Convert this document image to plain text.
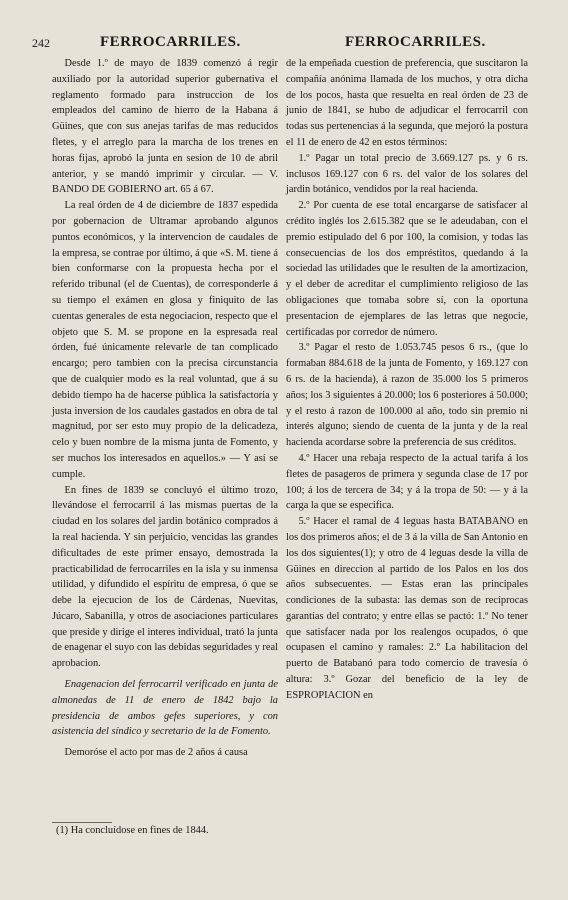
242	FERROCARRILES.	FERROCARRILES.

Desde 1.º de mayo de 1839 comenzó á regir auxiliado por la autoridad superior gubernativa el reglamento formado para instruccion de los empleados del camino de hierro de la Habana á Güines, que con sus anejas tarifas de mas reducidos fletes, y el arreglo para la marcha de los trenes en horas fijas, aprobó la junta en sesion de 10 de abril anterior, y se mandó imprimir y circular. — V. BANDO DE GOBIERNO art. 65 á 67.

La real órden de 4 de diciembre de 1837 espedida por gobernacion de Ultramar aprobando algunos puntos económicos, y la intervencion de caudales de la empresa, se contrae por último, á que «S. M. tiene á bien conformarse con la propuesta hecha por el referido tribunal (el de Cuentas), de corresponderle á su tiempo el exámen en glosa y finiquito de las cuentas generales de esta negociacion, respecto que el objeto que S. M. se propone en la espresada real órden, fué únicamente relevarle de tan complicado encargo; pero tambien con la precisa circunstancia que de cualquier modo es la real voluntad, que á su debido tiempo ha de hacerse pública la satisfactoria y justa inversion de los caudales gastados en obra de tal magnitud, por ser esto muy propio de la delicadeza, celo y buen nombre de la misma junta de Fomento, y ser muchos los interesados en aquellos.» — Y así se cumple.

En fines de 1839 se concluyó el último trozo, llevándose el ferrocarril á las mismas puertas de la ciudad en los solares del jardin botánico comprados á la real hacienda. Y sin perjuicio, vencidas las grandes dificultades de este primer ensayo, demostrada la practicabilidad de ferrocarriles en la isla y su inmensa utilidad, y difundido el espíritu de empresa, ó que se debe la ejecucion de los de Cárdenas, Nuevitas, Júcaro, Sabanilla, y otros de asociaciones particulares que preside y dirige el interes individual, trató la junta de enagenar el suyo con las debidas seguridades y real aprobacion.

Enagenacion del ferrocarril verificado en junta de almonedas de 11 de enero de 1842 bajo la presidencia de ambos gefes superiores, y con asistencia del síndico y secretario de la de Fomento.

Demoróse el acto por mas de 2 años á causa

de la empeñada cuestion de preferencia, que suscitaron la compañía anónima llamada de los muchos, y otra dicha de los pocos, hasta que resuelta en real órden de 23 de junio de 1841, se hubo de adjudicar el ferrocarril con todas sus pertenencias á la segunda, que mejoró la postura el 11 de enero de 42 en estos términos:

1.º Pagar un total precio de 3.669.127 ps. y 6 rs. inclusos 169.127 con 6 rs. del valor de los solares del jardin botánico, vendidos por la real hacienda.

2.º Por cuenta de ese total encargarse de satisfacer al crédito inglés los 2.615.382 que se le adeudaban, con el premio estipulado del 6 por 100, la comision, y todas las consecuencias de los dos empréstitos, quedando á la sociedad las utilidades que le resulten de la amortizacion, y el deber de acreditar el cumplimiento religioso de las obligaciones que tomaba sobre sí, con la oportuna presentacion de ejemplares de las letras que negocie, certificadas por corredor de número.

3.º Pagar el resto de 1.053.745 pesos 6 rs., (que lo formaban 884.618 de la junta de Fomento, y 169.127 con 6 rs. de la hacienda), á razon de 35.000 los 5 primeros años; los 3 siguientes á 20.000; los 6 posteriores á 50.000; y el resto á razon de 100.000 al año, todo sin premio ni interés alguno; siendo de cuenta de la junta y de la real hacienda acordarse sobre la preferencia de sus créditos.

4.º Hacer una rebaja respecto de la actual tarifa á los fletes de pasageros de primera y segunda clase de 17 por 100; á los de tercera de 34; y á la tropa de 50: — y á la carga la que se especifica.

5.º Hacer el ramal de 4 leguas hasta BATABANO en los dos primeros años; el de 3 á la villa de San Antonio en los dos siguientes(1); y otro de 4 leguas desde la villa de Güines en direccion al partido de los Palos en los dos años subsecuentes. — Estas eran las principales condiciones de la subasta: las demas son de recíprocas garantías del contrato; y entre ellas se pactó: 1.º No tener que satisfacer nada por los realengos ocupados, ó que ocupasen el camino y ramales: 2.º La habilitacion del puerto de Batabanó para todo comercio de travesía ó altura: 3.º Gozar del beneficio de la ley de ESPROPIACION en

(1) Ha concluídose en fines de 1844.
